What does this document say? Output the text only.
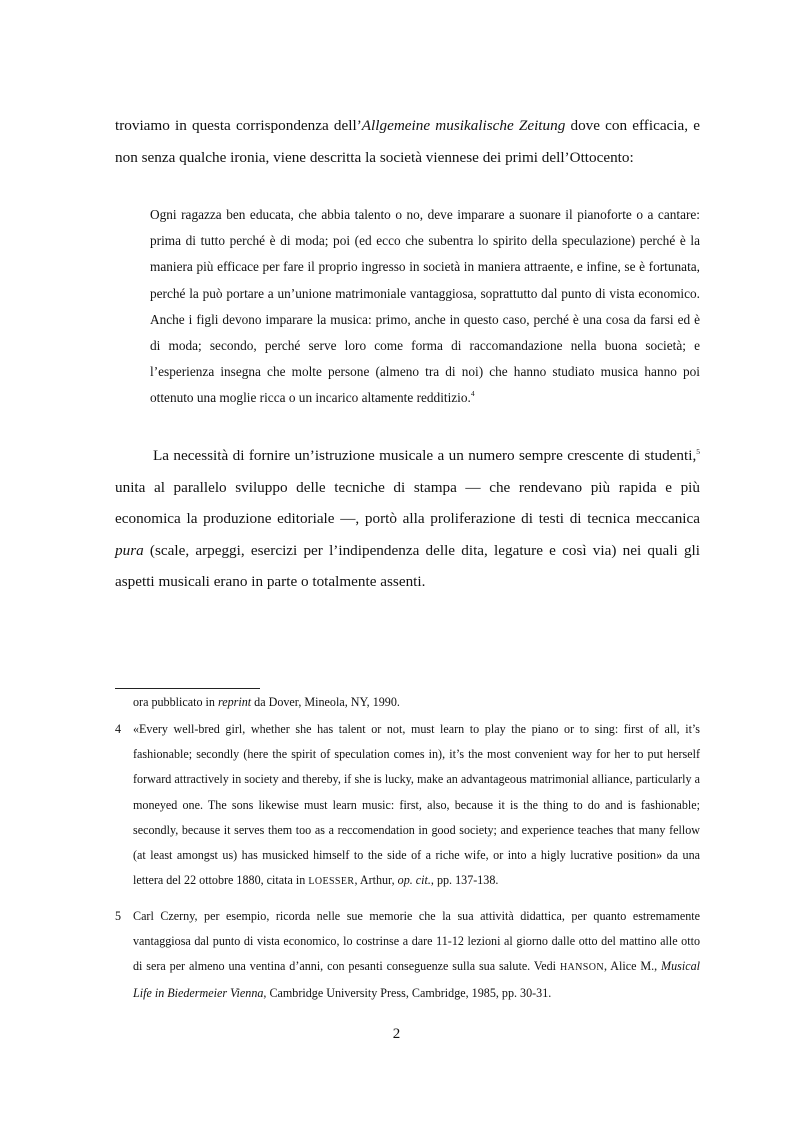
troviamo in questa corrispondenza dell’Allgemeine musikalische Zeitung dove con efficacia, e non senza qualche ironia, viene descritta la società viennese dei primi dell’Ottocento:

Ogni ragazza ben educata, che abbia talento o no, deve imparare a suonare il pianoforte o a cantare: prima di tutto perché è di moda; poi (ed ecco che subentra lo spirito della speculazione) perché è la maniera più efficace per fare il proprio ingresso in società in maniera attraente, e infine, se è fortunata, perché la può portare a un’unione matrimoniale vantaggiosa, soprattutto dal punto di vista economico. Anche i figli devono imparare la musica: primo, anche in questo caso, perché è una cosa da farsi ed è di moda; secondo, perché serve loro come forma di raccomandazione nella buona società; e l’esperienza insegna che molte persone (almeno tra di noi) che hanno studiato musica hanno poi ottenuto una moglie ricca o un incarico altamente redditizio.$^4$

La necessità di fornire un’istruzione musicale a un numero sempre crescente di studenti,$^5$ unita al parallelo sviluppo delle tecniche di stampa — che rendevano più rapida e più economica la produzione editoriale —, portò alla proliferazione di testi di tecnica meccanica pura (scale, arpeggi, esercizi per l’indipendenza delle dita, legature e così via) nei quali gli aspetti musicali erano in parte o totalmente assenti.

ora pubblicato in reprint da Dover, Mineola, NY, 1990.
4 «Every well-bred girl, whether she has talent or not, must learn to play the piano or to sing: first of all, it’s fashionable; secondly (here the spirit of speculation comes in), it’s the most convenient way for her to put herself forward attractively in society and thereby, if she is lucky, make an advantageous matrimonial alliance, particularly a moneyed one. The sons likewise must learn music: first, also, because it is the thing to do and is fashionable; secondly, because it serves them too as a reccomendation in good society; and experience teaches that many fellow (at least amongst us) has musicked himself to the side of a riche wife, or into a higly lucrative position» da una lettera del 22 ottobre 1880, citata in LOESSER, Arthur, op. cit., pp. 137-138.
5 Carl Czerny, per esempio, ricorda nelle sue memorie che la sua attività didattica, per quanto estremamente vantaggiosa dal punto di vista economico, lo costrinse a dare 11-12 lezioni al giorno dalle otto del mattino alle otto di sera per almeno una ventina d’anni, con pesanti conseguenze sulla sua salute. Vedi HANSON, Alice M., Musical Life in Biedermeier Vienna, Cambridge University Press, Cambridge, 1985, pp. 30-31.
2
